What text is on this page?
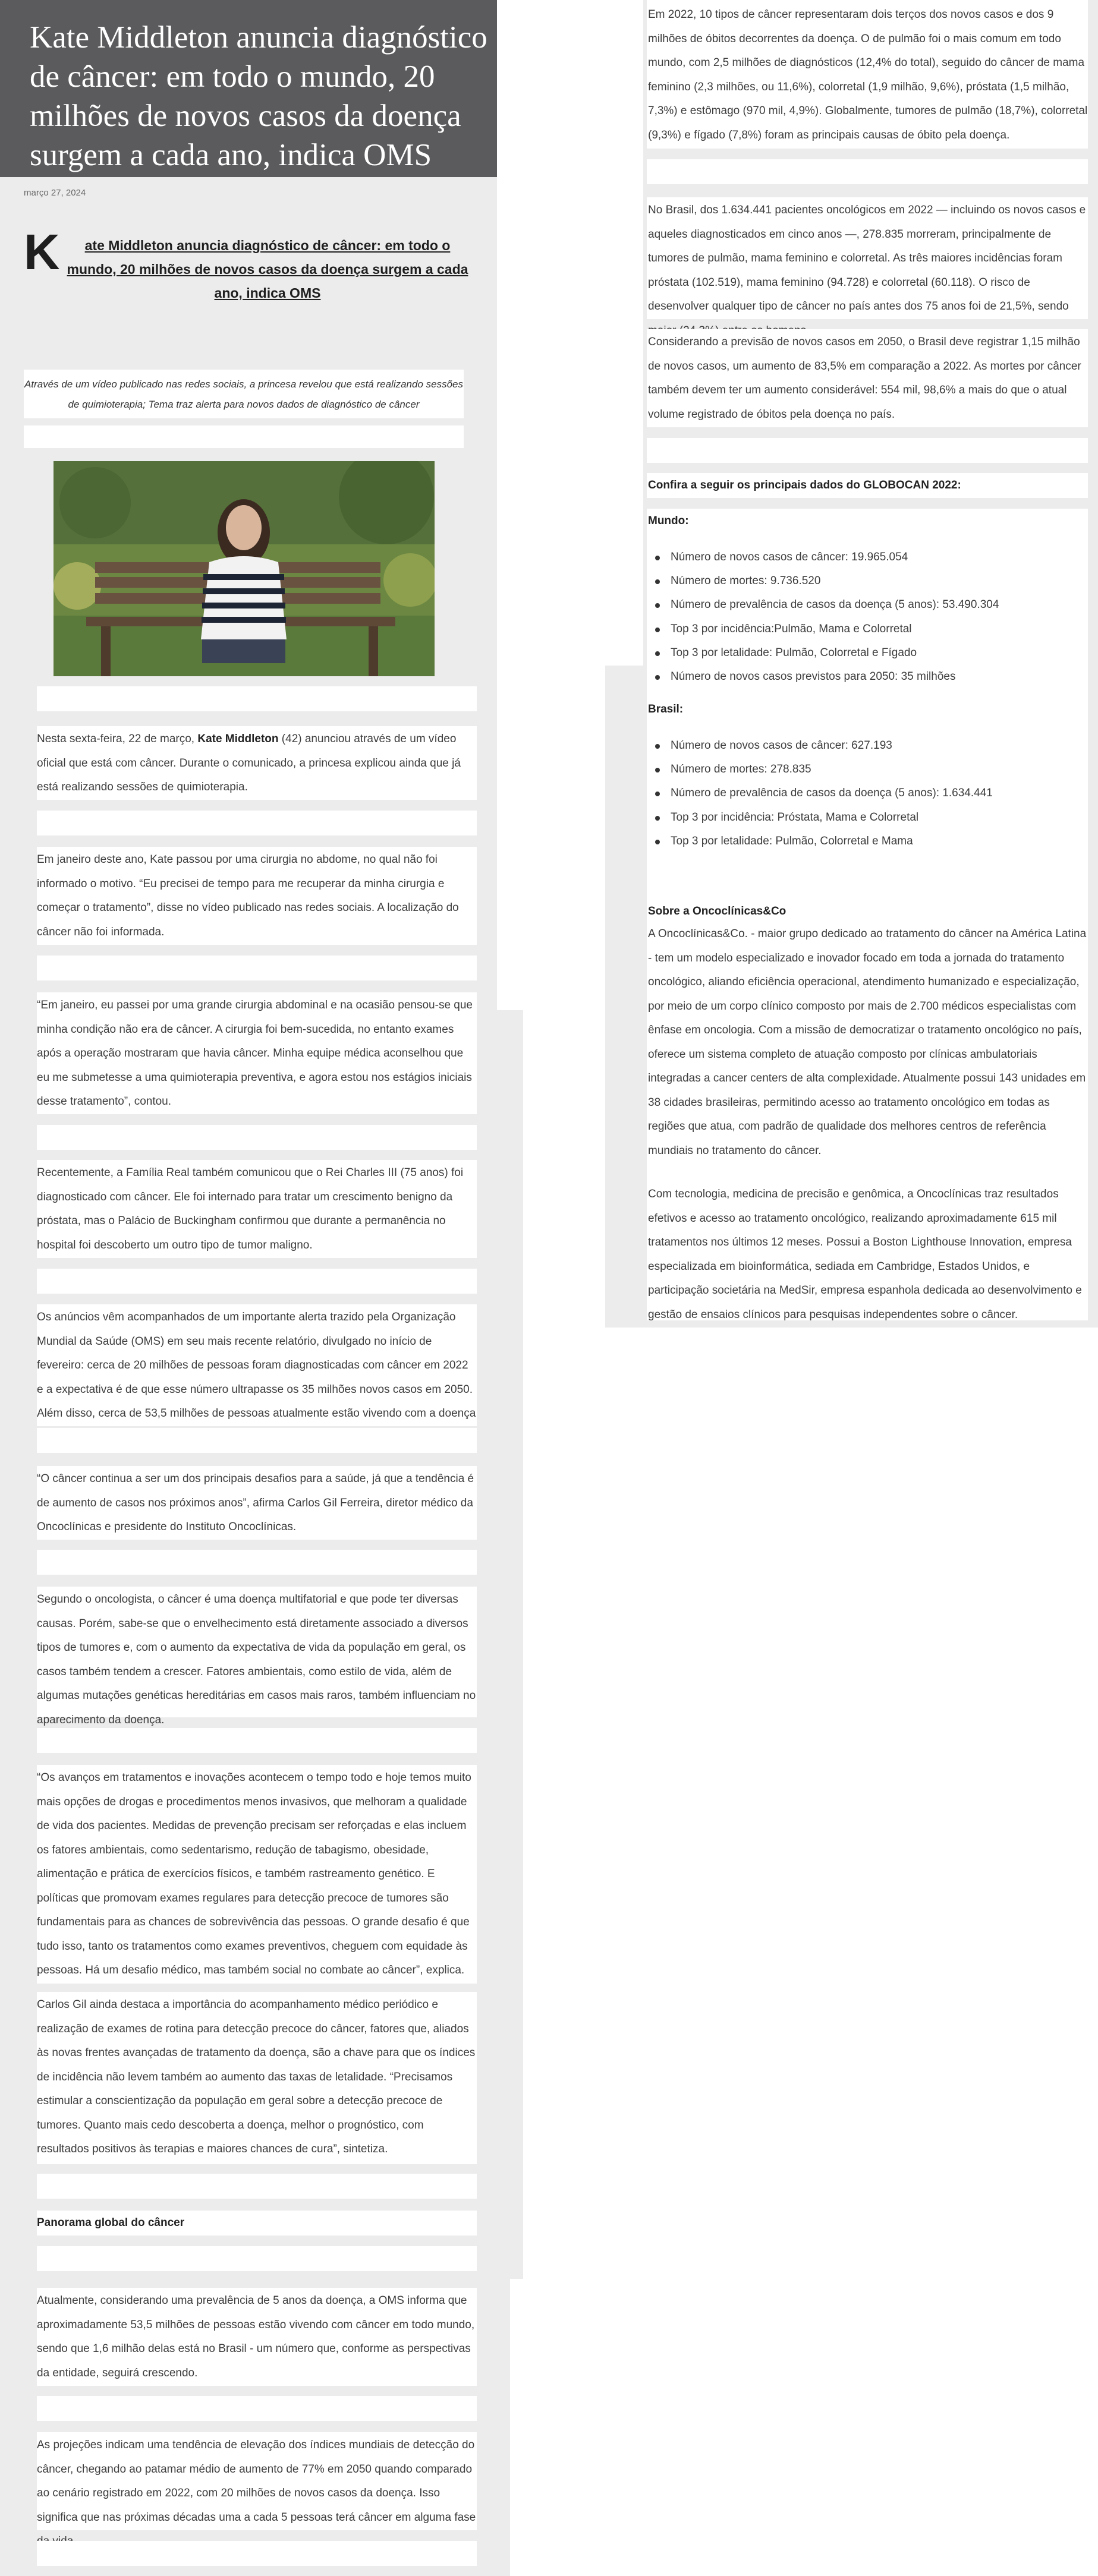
Kate Middleton anuncia diagnóstico de câncer: em todo o mundo, 20 milhões de novos casos da doença surgem a cada ano, indica OMS
março 27, 2024
K	ate Middleton anuncia diagnóstico de câncer: em todo o mundo, 20 milhões de novos casos da doença surgem a cada ano, indica OMS

Através de um vídeo publicado nas redes sociais, a princesa revelou que está realizando sessões de quimioterapia; Tema traz alerta para novos dados de diagnóstico de câncer

Nesta sexta-feira, 22 de março, Kate Middleton (42) anunciou através de um vídeo oficial que está com câncer. Durante o comunicado, a princesa explicou ainda que já está realizando sessões de quimioterapia.

Em janeiro deste ano, Kate passou por uma cirurgia no abdome, no qual não foi informado o motivo. “Eu precisei de tempo para me recuperar da minha cirurgia e começar o tratamento”, disse no vídeo publicado nas redes sociais. A localização do câncer não foi informada.

“Em janeiro, eu passei por uma grande cirurgia abdominal e na ocasião pensou-se que minha condição não era de câncer. A cirurgia foi bem-sucedida, no entanto exames após a operação mostraram que havia câncer. Minha equipe médica aconselhou que eu me submetesse a uma quimioterapia preventiva, e agora estou nos estágios iniciais desse tratamento”, contou.

Recentemente, a Família Real também comunicou que o Rei Charles III (75 anos) foi diagnosticado com câncer. Ele foi internado para tratar um crescimento benigno da próstata, mas o Palácio de Buckingham confirmou que durante a permanência no hospital foi descoberto um outro tipo de tumor maligno.

Os anúncios vêm acompanhados de um importante alerta trazido pela Organização Mundial da Saúde (OMS) em seu mais recente relatório, divulgado no início de fevereiro: cerca de 20 milhões de pessoas foram diagnosticadas com câncer em 2022 e a expectativa é de que esse número ultrapasse os 35 milhões novos casos em 2050. Além disso, cerca de 53,5 milhões de pessoas atualmente estão vivendo com a doença

“O câncer continua a ser um dos principais desafios para a saúde, já que a tendência é de aumento de casos nos próximos anos”, afirma Carlos Gil Ferreira, diretor médico da Oncoclínicas e presidente do Instituto Oncoclínicas.

Segundo o oncologista, o câncer é uma doença multifatorial e que pode ter diversas causas. Porém, sabe-se que o envelhecimento está diretamente associado a diversos tipos de tumores e, com o aumento da expectativa de vida da população em geral, os casos também tendem a crescer. Fatores ambientais, como estilo de vida, além de algumas mutações genéticas hereditárias em casos mais raros, também influenciam no aparecimento da doença.

“Os avanços em tratamentos e inovações acontecem o tempo todo e hoje temos muito mais opções de drogas e procedimentos menos invasivos, que melhoram a qualidade de vida dos pacientes. Medidas de prevenção precisam ser reforçadas e elas incluem os fatores ambientais, como sedentarismo, redução de tabagismo, obesidade, alimentação e prática de exercícios físicos, e também rastreamento genético. E políticas que promovam exames regulares para detecção precoce de tumores são fundamentais para as chances de sobrevivência das pessoas. O grande desafio é que tudo isso, tanto os tratamentos como exames preventivos, cheguem com equidade às pessoas. Há um desafio médico, mas também social no combate ao câncer”, explica.

Carlos Gil ainda destaca a importância do acompanhamento médico periódico e realização de exames de rotina para detecção precoce do câncer, fatores que, aliados às novas frentes avançadas de tratamento da doença, são a chave para que os índices de incidência não levem também ao aumento das taxas de letalidade. “Precisamos estimular a conscientização da população em geral sobre a detecção precoce de tumores. Quanto mais cedo descoberta a doença, melhor o prognóstico, com resultados positivos às terapias e maiores chances de cura”, sintetiza.

Panorama global do câncer

Atualmente, considerando uma prevalência de 5 anos da doença, a OMS informa que aproximadamente 53,5 milhões de pessoas estão vivendo com câncer em todo mundo, sendo que 1,6 milhão delas está no Brasil - um número que, conforme as perspectivas da entidade, seguirá crescendo.

As projeções indicam uma tendência de elevação dos índices mundiais de detecção do câncer, chegando ao patamar médio de aumento de 77% em 2050 quando comparado ao cenário registrado em 2022, com 20 milhões de novos casos da doença. Isso significa que nas próximas décadas uma a cada 5 pessoas terá câncer em alguma fase

Em 2022, 10 tipos de câncer representaram dois terços dos novos casos e dos 9 milhões de óbitos decorrentes da doença. O de pulmão foi o mais comum em todo mundo, com 2,5 milhões de diagnósticos (12,4% do total), seguido do câncer de mama feminino (2,3 milhões, ou 11,6%), colorretal (1,9 milhão, 9,6%), próstata (1,5 milhão, 7,3%) e estômago (970 mil, 4,9%). Globalmente, tumores de pulmão (18,7%), colorretal (9,3%) e fígado (7,8%) foram as principais causas de óbito pela doença.

No Brasil, dos 1.634.441 pacientes oncológicos em 2022 — incluindo os novos casos e aqueles diagnosticados em cinco anos —, 278.835 morreram, principalmente de tumores de pulmão, mama feminino e colorretal. As três maiores incidências foram próstata (102.519), mama feminino (94.728) e colorretal (60.118). O risco de desenvolver qualquer tipo de câncer no país antes dos 75 anos foi de 21,5%, sendo

Considerando a previsão de novos casos em 2050, o Brasil deve registrar 1,15 milhão de novos casos, um aumento de 83,5% em comparação a 2022. As mortes por câncer também devem ter um aumento considerável: 554 mil, 98,6% a mais do que o atual volume registrado de óbitos pela doença no país.

Confira a seguir os principais dados do GLOBOCAN 2022:
Mundo:
Número de novos casos de câncer: 19.965.054
Número de mortes: 9.736.520
Número de prevalência de casos da doença (5 anos): 53.490.304
Top 3 por incidência:Pulmão, Mama e Colorretal
Top 3 por letalidade: Pulmão, Colorretal e Fígado
Número de novos casos previstos para 2050: 35 milhões
Brasil:
Número de novos casos de câncer: 627.193
Número de mortes: 278.835
Número de prevalência de casos da doença (5 anos): 1.634.441
Top 3 por incidência: Próstata, Mama e Colorretal
Top 3 por letalidade: Pulmão, Colorretal e Mama
Sobre a Oncoclínicas&Co

A Oncoclínicas&Co. - maior grupo dedicado ao tratamento do câncer na América Latina - tem um modelo especializado e inovador focado em toda a jornada do tratamento oncológico, aliando eficiência operacional, atendimento humanizado e especialização, por meio de um corpo clínico composto por mais de 2.700 médicos especialistas com ênfase em oncologia. Com a missão de democratizar o tratamento oncológico no país, oferece um sistema completo de atuação composto por clínicas ambulatoriais integradas a cancer centers de alta complexidade. Atualmente possui 143 unidades em 38 cidades brasileiras, permitindo acesso ao tratamento oncológico em todas as regiões que atua, com padrão de qualidade dos melhores centros de referência mundiais no tratamento do câncer.

Com tecnologia, medicina de precisão e genômica, a Oncoclínicas traz resultados efetivos e acesso ao tratamento oncológico, realizando aproximadamente 615 mil tratamentos nos últimos 12 meses. Possui a Boston Lighthouse Innovation, empresa especializada em bioinformática, sediada em Cambridge, Estados Unidos, e participação societária na MedSir, empresa espanhola dedicada ao desenvolvimento e gestão de ensaios clínicos para pesquisas independentes sobre o câncer.
